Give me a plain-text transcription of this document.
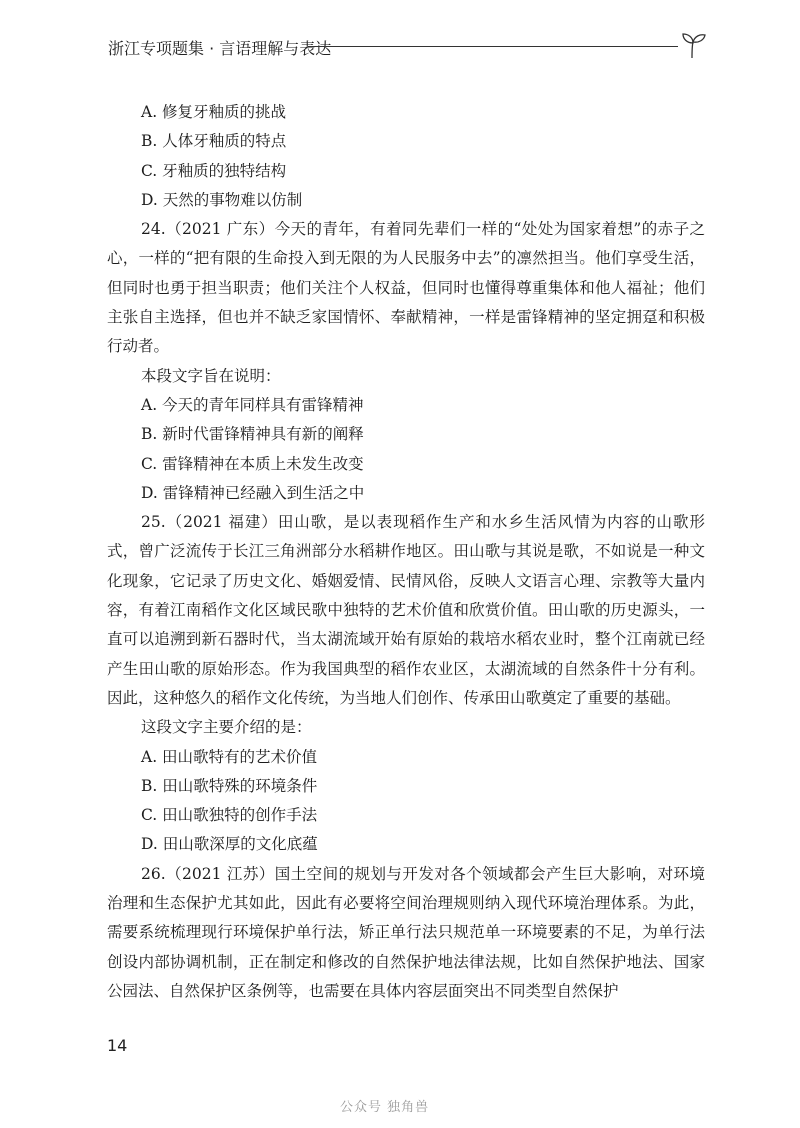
浙江专项题集 · 言语理解与表达

A. 修复牙釉质的挑战

B. 人体牙釉质的特点

C. 牙釉质的独特结构

D. 天然的事物难以仿制

24.（2021 广东）今天的青年，有着同先辈们一样的“处处为国家着想”的赤子之心，一样的“把有限的生命投入到无限的为人民服务中去”的凛然担当。他们享受生活，但同时也勇于担当职责；他们关注个人权益，但同时也懂得尊重集体和他人福祉；他们主张自主选择，但也并不缺乏家国情怀、奉献精神，一样是雷锋精神的坚定拥趸和积极行动者。

本段文字旨在说明：

A. 今天的青年同样具有雷锋精神

B. 新时代雷锋精神具有新的阐释

C. 雷锋精神在本质上未发生改变

D. 雷锋精神已经融入到生活之中

25.（2021 福建）田山歌，是以表现稻作生产和水乡生活风情为内容的山歌形式，曾广泛流传于长江三角洲部分水稻耕作地区。田山歌与其说是歌，不如说是一种文化现象，它记录了历史文化、婚姻爱情、民情风俗，反映人文语言心理、宗教等大量内容，有着江南稻作文化区域民歌中独特的艺术价值和欣赏价值。田山歌的历史源头，一直可以追溯到新石器时代，当太湖流域开始有原始的栽培水稻农业时，整个江南就已经产生田山歌的原始形态。作为我国典型的稻作农业区，太湖流域的自然条件十分有利。因此，这种悠久的稻作文化传统，为当地人们创作、传承田山歌奠定了重要的基础。

这段文字主要介绍的是：

A. 田山歌特有的艺术价值

B. 田山歌特殊的环境条件

C. 田山歌独特的创作手法

D. 田山歌深厚的文化底蕴

26.（2021 江苏）国土空间的规划与开发对各个领域都会产生巨大影响，对环境治理和生态保护尤其如此，因此有必要将空间治理规则纳入现代环境治理体系。为此，需要系统梳理现行环境保护单行法，矫正单行法只规范单一环境要素的不足，为单行法创设内部协调机制，正在制定和修改的自然保护地法律法规，比如自然保护地法、国家公园法、自然保护区条例等，也需要在具体内容层面突出不同类型自然保护

14
公众号 独角兽
